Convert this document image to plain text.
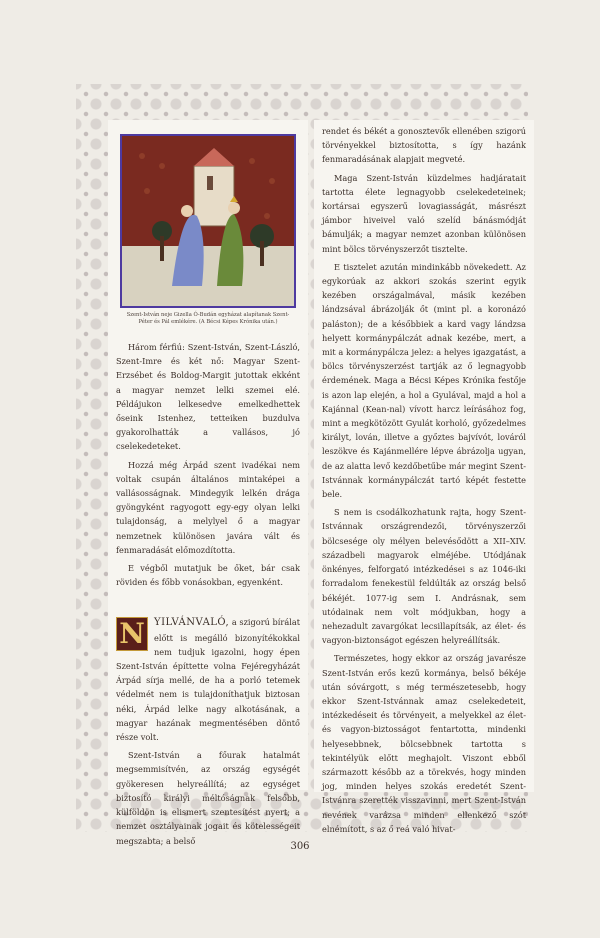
Szent-István neje Gizella Ó-Budán egyházat alapítanak Szent-Péter és Pál emlékére. (A Bécsi Képes Krónika után.)

Három férfiú: Szent-István, Szent-László, Szent-Imre és két nő: Magyar Szent-Erzsébet és Boldog-Margit jutottak ekként a magyar nemzet lelki szemei elé. Példájukon lelkesedve emelkedhettek őseink Istenhez, tetteiken buzdulva gyakorolhatták a vallásos, jó cselekedeteket.

Hozzá még Árpád szent ivadékai nem voltak csupán általános mintaképei a vallásosságnak. Mindegyik lelkén drága gyöngyként ragyogott egy-egy olyan lelki tulajdonság, a melylyel ő a magyar nemzetnek különösen javára vált és fenmaradását előmozdította.

E végből mutatjuk be őket, bár csak röviden és főbb vonásokban, egyenként.

N YILVÁNVALÓ, a szigorú bírálat előtt is megálló bizonyítékokkal nem tudjuk igazolni, hogy épen Szent-István építtette volna Fejéregyházát Árpád sírja mellé, de ha a porló tetemek védelmét nem is tulajdoníthatjuk biztosan néki, Árpád lelke nagy alkotásának, a magyar hazának megmentésében döntő része volt.

Szent-István a főurak hatalmát megsemmisítvén, az ország egységét gyökeresen helyreállítá; az egységet biztosító királyi méltóságnak felsőbb, külföldön is elismert szentesítést nyert; a nemzet osztályainak jogait és kötelességeit megszabta; a belső

rendet és békét a gonosztevők ellenében szigorú törvényekkel biztosította, s így hazánk fenmaradásának alapjait megveté.

Maga Szent-István küzdelmes hadjáratait tartotta élete legnagyobb cselekedeteinek; kortársai egyszerű lovagiasságát, másrészt jámbor hiveivel való szelíd bánásmódját bámulják; a magyar nemzet azonban különösen mint bölcs törvényszerzőt tisztelte.

E tisztelet azután mindinkább növekedett. Az egykorúak az akkori szokás szerint egyik kezében országalmával, másik kezében lándzsával ábrázolják őt (mint pl. a koronázó paláston); de a későbbiek a kard vagy lándzsa helyett kormánypálczát adnak kezébe, mert, a mit a kormánypálcza jelez: a helyes igazgatást, a bölcs törvényszerzést tartják az ő legnagyobb érdemének. Maga a Bécsi Képes Krónika festője is azon lap elején, a hol a Gyulával, majd a hol a Kajánnal (Kean-nal) vívott harcz leírásához fog, mint a megkötözött Gyulát korholó, győzedelmes királyt, lován, illetve a győztes bajvívót, lováról leszökve és Kajánmellére lépve ábrázolja ugyan, de az alatta levő kezdőbetűbe már megint Szent-Istvánnak kormánypálczát tartó képét festette bele.

S nem is csodálkozhatunk rajta, hogy Szent-Istvánnak országrendezői, törvényszerzői bölcsesége oly mélyen belevésődött a XII–XIV. századbeli magyarok elméjébe. Utódjának önkényes, felforgató intézkedései s az 1046-iki forradalom fenekestül feldúlták az ország belső békéjét. 1077-ig sem I. Andrásnak, sem utódainak nem volt módjukban, hogy a nehezadult zavargókat lecsillapítsák, az élet- és vagyon-biztonságot egészen helyreállítsák.

Természetes, hogy ekkor az ország javarésze Szent-István erős kezű kormánya, belső békéje után sóvárgott, s még természetesebb, hogy ekkor Szent-Istvánnak amaz cselekedeteit, intézkedéseit és törvényeit, a melyekkel az élet- és vagyon-biztosságot fentartotta, mindenki helyesebbnek, bölcsebbnek tartotta s tekintélyük előtt meghajolt. Viszont ebből származott később az a törekvés, hogy minden jog, minden helyes szokás eredetét Szent-Istvánra szerették visszavinni, mert Szent-István nevének varázsa minden ellenkező szót elnémított, s az ő reá való hivat-

306
